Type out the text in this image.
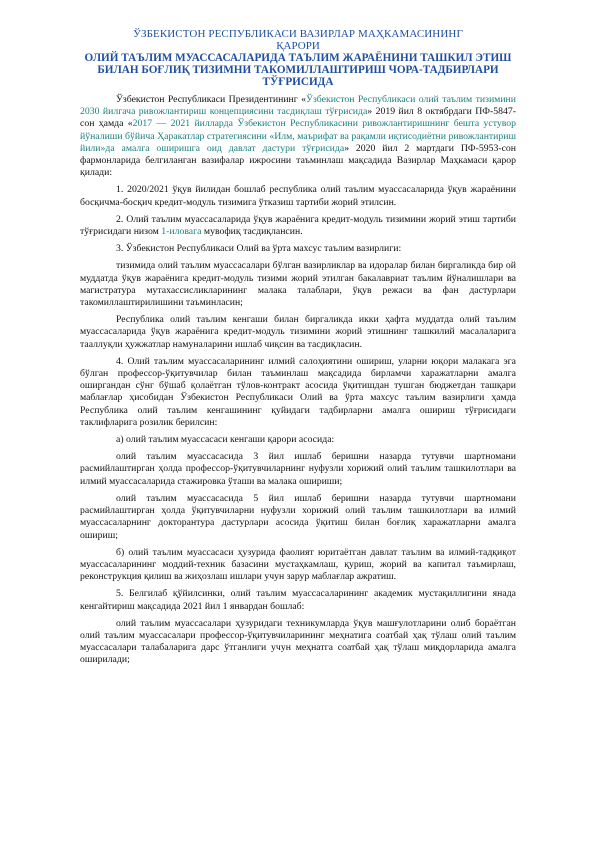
ЎЗБЕКИСТОН РЕСПУБЛИКАСИ ВАЗИРЛАР МАҲКАМАСИНИНГ
ҚАРОРИ
ОЛИЙ ТАЪЛИМ МУАССАСАЛАРИДА ТАЪЛИМ ЖАРАЁНИНИ ТАШКИЛ ЭТИШ БИЛАН БОҒЛИҚ ТИЗИМНИ ТАКОМИЛЛАШТИРИШ ЧОРА-ТАДБИРЛАРИ ТЎҒРИСИДА

Ўзбекистон Республикаси Президентининг «Ўзбекистон Республикаси олий таълим тизимини 2030 йилгача ривожлантириш концепциясини тасдиқлаш тўғрисида» 2019 йил 8 октябрдаги ПФ-5847-сон ҳамда «2017 — 2021 йилларда Ўзбекистон Республикасини ривожлантиришнинг бешта устувор йўналиши бўйича Ҳаракатлар стратегиясини «Илм, маърифат ва рақамли иқтисодиётни ривожлантириш йили»да амалга оширишга оид давлат дастури тўғрисида» 2020 йил 2 мартдаги ПФ-5953-сон фармонларида белгиланган вазифалар ижросини таъминлаш мақсадида Вазирлар Маҳкамаси қарор қилади:

1. 2020/2021 ўқув йилидан бошлаб республика олий таълим муассасаларида ўқув жараёнини босқичма-босқич кредит-модуль тизимига ўтказиш тартиби жорий этилсин.

2. Олий таълим муассасаларида ўқув жараёнига кредит-модуль тизимини жорий этиш тартиби тўғрисидаги низом 1-иловага мувофиқ тасдиқлансин.

3. Ўзбекистон Республикаси Олий ва ўрта махсус таълим вазирлиги:

тизимида олий таълим муассасалари бўлган вазирликлар ва идоралар билан биргаликда бир ой муддатда ўқув жараёнига кредит-модуль тизими жорий этилган бакалавриат таълим йўналишлари ва магистратура мутахассисликларининг малака талаблари, ўқув режаси ва фан дастурлари такомиллаштирилишини таъминласин;

Республика олий таълим кенгаши билан биргаликда икки ҳафта муддатда олий таълим муассасаларида ўқув жараёнига кредит-модуль тизимини жорий этишнинг ташкилий масалаларига тааллуқли ҳужжатлар намуналарини ишлаб чиқсин ва тасдиқласин.

4. Олий таълим муассасаларининг илмий салоҳиятини ошириш, уларни юқори малакага эга бўлган профессор-ўқитувчилар билан таъминлаш мақсадида бирламчи харажатларни амалга оширгандан сўнг бўшаб қолаётган тўлов-контракт асосида ўқитишдан тушган бюджетдан ташқари маблағлар ҳисобидан Ўзбекистон Республикаси Олий ва ўрта махсус таълим вазирлиги ҳамда Республика олий таълим кенгашининг қуйидаги тадбирларни амалга ошириш тўғрисидаги таклифларига розилик берилсин:

а) олий таълим муассасаси кенгаши қарори асосида:

олий таълим муассасасида 3 йил ишлаб беришни назарда тутувчи шартномани расмийлаштирган ҳолда профессор-ўқитувчиларнинг нуфузли хорижий олий таълим ташкилотлари ва илмий муассасаларида стажировка ўташи ва малака ошириши;

олий таълим муассасасида 5 йил ишлаб беришни назарда тутувчи шартномани расмийлаштирган ҳолда ўқитувчиларни нуфузли хорижий олий таълим ташкилотлари ва илмий муассасаларнинг докторантура дастурлари асосида ўқитиш билан боғлиқ харажатларни амалга ошириш;

б) олий таълим муассасаси ҳузурида фаолият юритаётган давлат таълим ва илмий-тадқиқот муассасаларининг моддий-техник базасини мустаҳкамлаш, қуриш, жорий ва капитал таъмирлаш, реконструкция қилиш ва жиҳозлаш ишлари учун зарур маблағлар ажратиш.

5. Белгилаб қўйилсинки, олий таълим муассасаларининг академик мустақиллигини янада кенгайтириш мақсадида 2021 йил 1 январдан бошлаб:

олий таълим муассасалари ҳузуридаги техникумларда ўқув машғулотларини олиб бораётган олий таълим муассасалари профессор-ўқитувчиларининг меҳнатига соатбай ҳақ тўлаш олий таълим муассасалари талабаларига дарс ўтганлиги учун меҳнатга соатбай ҳақ тўлаш миқдорларида амалга оширилади;
